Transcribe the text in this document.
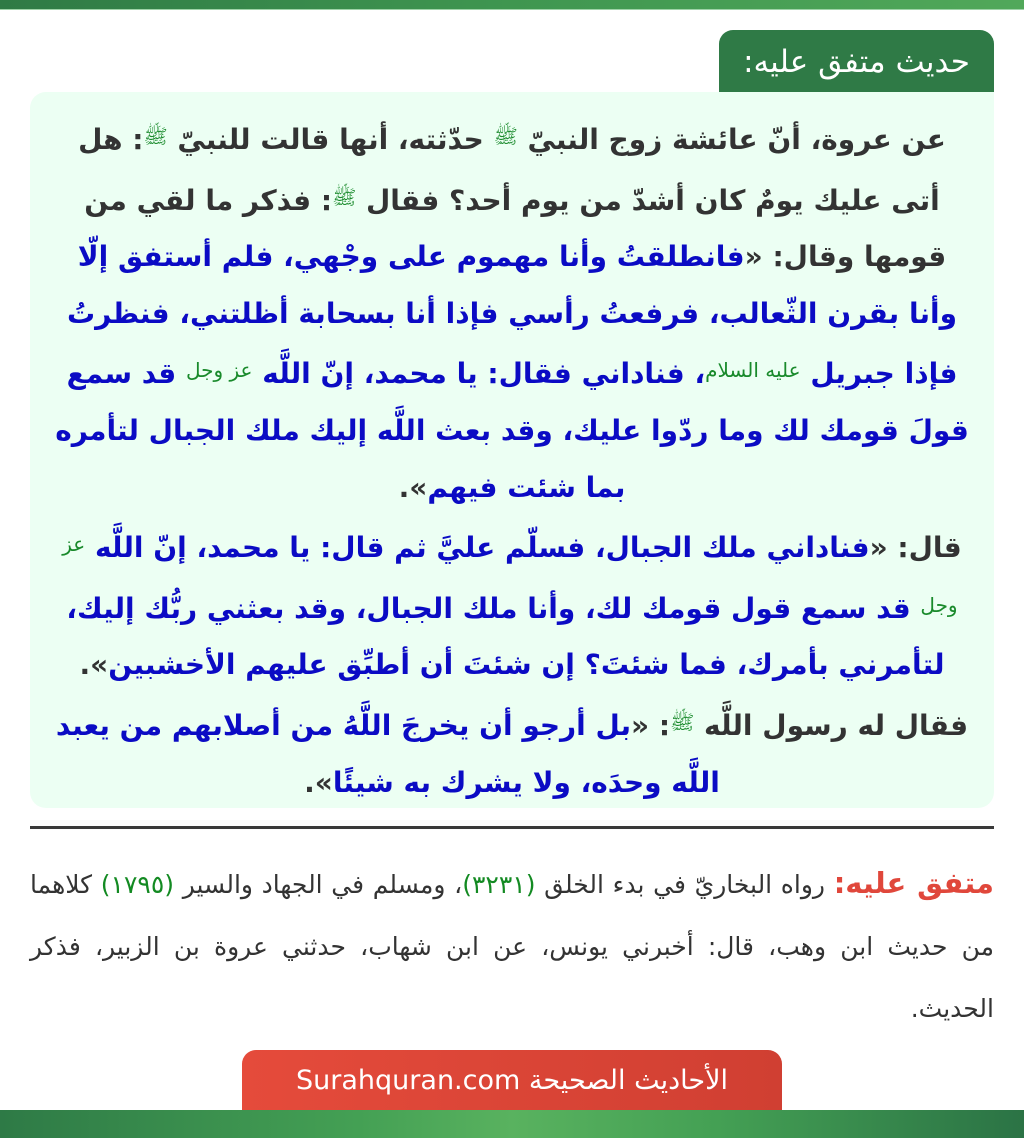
حديث متفق عليه:

عن عروة، أنّ عائشة زوج النبيّ $^ﷺ$ حدّثته، أنها قالت للنبيّ $^ﷺ$: هل أتى عليك يومٌ كان أشدّ من يوم أحد؟ فقال $^ﷺ$: فذكر ما لقي من قومها وقال: «فانطلقتُ وأنا مهموم على وجْهي، فلم أستفق إلّا وأنا بقرن الثّعالب، فرفعتُ رأسي فإذا أنا بسحابة أظلتني، فنظرتُ فإذا جبريل $^{عليه السلام}$، فناداني فقال: يا محمد، إنّ اللَّه $^{عز وجل}$ قد سمع قولَ قومك لك وما ردّوا عليك، وقد بعث اللَّه إليك ملك الجبال لتأمره بما شئت فيهم».

قال: «فناداني ملك الجبال، فسلّم عليَّ ثم قال: يا محمد، إنّ اللَّه $^{عز وجل}$ قد سمع قول قومك لك، وأنا ملك الجبال، وقد بعثني ربُّك إليك، لتأمرني بأمرك، فما شئتَ؟ إن شئتَ أن أطبِّق عليهم الأخشبين». فقال له رسول اللَّه $^ﷺ$: «بل أرجو أن يخرجَ اللَّهُ من أصلابهم من يعبد اللَّه وحدَه، ولا يشرك به شيئًا».

متفق عليه: رواه البخاريّ في بدء الخلق (٣٢٣١)، ومسلم في الجهاد والسير (١٧٩٥) كلاهما من حديث ابن وهب، قال: أخبرني يونس، عن ابن شهاب، حدثني عروة بن الزبير، فذكر الحديث.
الأحاديث الصحيحة Surahquran.com
